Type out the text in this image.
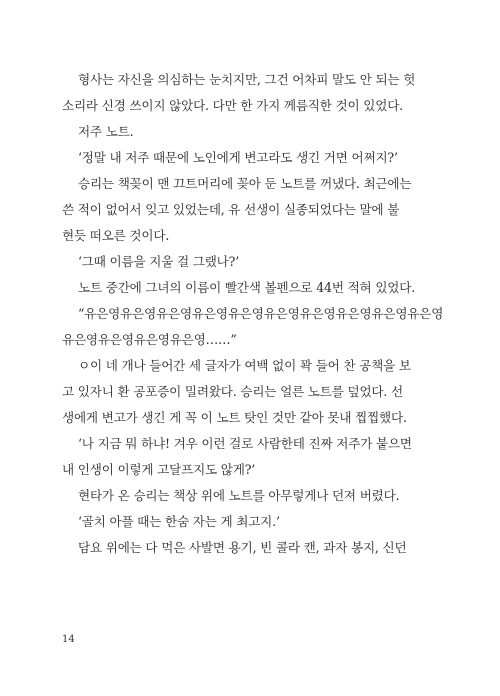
형사는 자신을 의심하는 눈치지만, 그건 어차피 말도 안 되는 헛
소리라 신경 쓰이지 않았다. 다만 한 가지 께름직한 것이 있었다.
저주 노트.
‘정말 내 저주 때문에 노인에게 변고라도 생긴 거면 어쩌지?’
승리는 책꽂이 맨 끄트머리에 꽂아 둔 노트를 꺼냈다. 최근에는
쓴 적이 없어서 잊고 있었는데, 유 선생이 실종되었다는 말에 불
현듯 떠오른 것이다.
‘그때 이름을 지울 걸 그랬나?’
노트 중간에 그녀의 이름이 빨간색 볼펜으로 44번 적혀 있었다.
“유은영유은영유은영유은영유은영유은영유은영유은영유은영유은영
유은영유은영유은영유은영……”
ㅇ이 네 개나 들어간 세 글자가 여백 없이 꽉 들어 찬 공책을 보
고 있자니 환 공포증이 밀려왔다. 승리는 얼른 노트를 덮었다. 선
생에게 변고가 생긴 게 꼭 이 노트 탓인 것만 같아 못내 찝찝했다.
‘나 지금 뭐 하냐! 겨우 이런 걸로 사람한테 진짜 저주가 붙으면
내 인생이 이렇게 고달프지도 않게?’
현타가 온 승리는 책상 위에 노트를 아무렇게나 던져 버렸다.
‘골치 아플 때는 한숨 자는 게 최고지.’
담요 위에는 다 먹은 사발면 용기, 빈 콜라 캔, 과자 봉지, 신던
14
